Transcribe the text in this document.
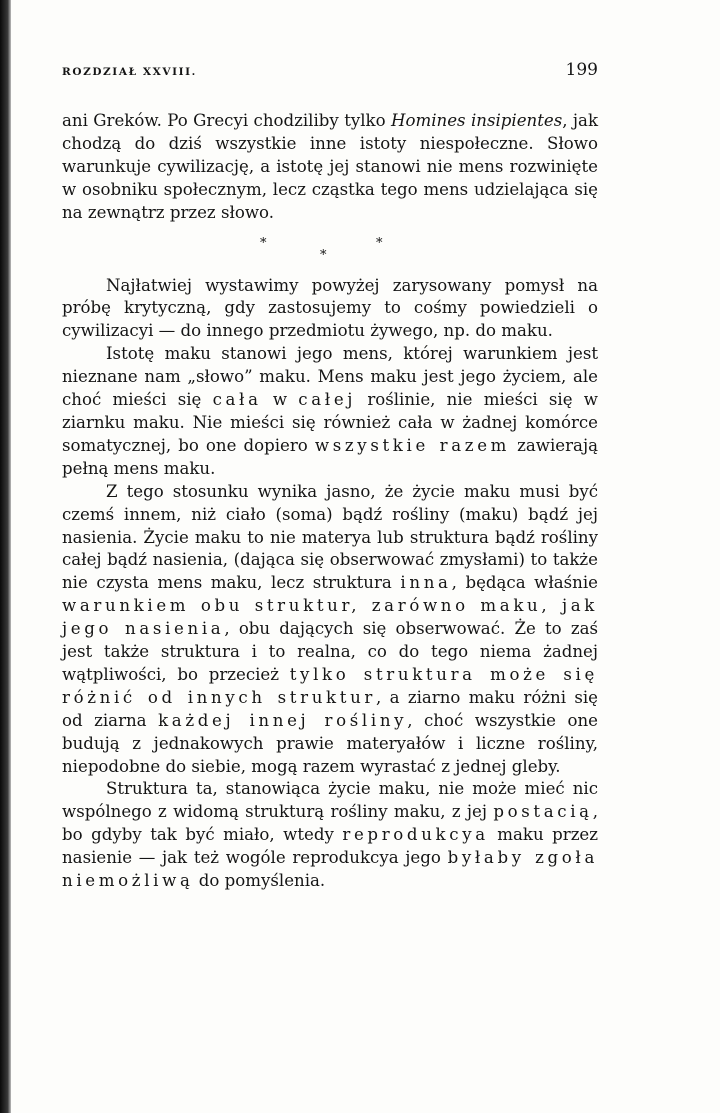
ROZDZIAŁ XXVIII.	199

ani Greków. Po Grecyi chodziliby tylko Homines insipientes, jak chodzą do dziś wszystkie inne istoty niespołeczne. Słowo warunkuje cywilizację, a istotę jej stanowi nie mens rozwinięte w osobniku społecznym, lecz cząstka tego mens udzielająca się na zewnątrz przez słowo.

*
*
*

Najłatwiej wystawimy powyżej zarysowany pomysł na próbę krytyczną, gdy zastosujemy to cośmy powiedzieli o cywilizacyi — do innego przedmiotu żywego, np. do maku.

Istotę maku stanowi jego mens, której warunkiem jest nieznane nam „słowo” maku. Mens maku jest jego życiem, ale choć mieści się cała w całej roślinie, nie mieści się w ziarnku maku. Nie mieści się również cała w żadnej komórce somatycznej, bo one dopiero wszystkie razem zawierają pełną mens maku.

Z tego stosunku wynika jasno, że życie maku musi być czemś innem, niż ciało (soma) bądź rośliny (maku) bądź jej nasienia. Życie maku to nie materya lub struktura bądź rośliny całej bądź nasienia, (dająca się obserwować zmysłami) to także nie czysta mens maku, lecz struktura inna, będąca właśnie warunkiem obu struktur, zarówno maku, jak jego nasienia, obu dających się obserwować. Że to zaś jest także struktura i to realna, co do tego niema żadnej wątpliwości, bo przecież tylko struktura może się różnić od innych struktur, a ziarno maku różni się od ziarna każdej innej rośliny, choć wszystkie one budują z jednakowych prawie materyałów i liczne rośliny, niepodobne do siebie, mogą razem wyrastać z jednej gleby.

Struktura ta, stanowiąca życie maku, nie może mieć nic wspólnego z widomą strukturą rośliny maku, z jej postacią, bo gdyby tak być miało, wtedy reprodukcya maku przez nasienie — jak też wogóle reprodukcya jego byłaby zgoła niemożliwą do pomyślenia.
